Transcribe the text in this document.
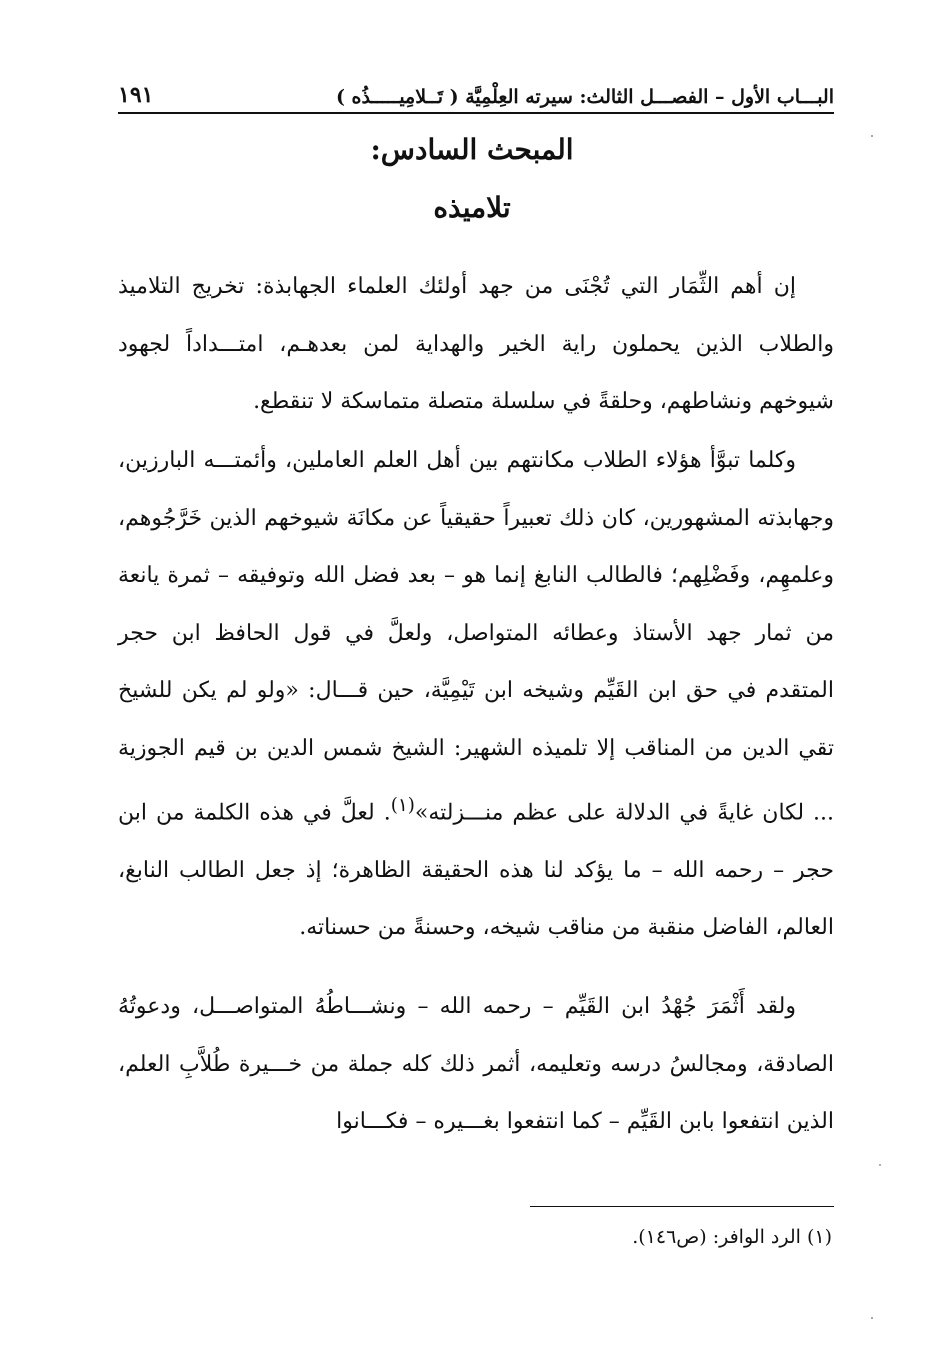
البـــاب الأول – الفصـــل الثالث: سيرته العِلْمِيَّة ( تَــلامِيـــــذُه )
١٩١
المبحث السادس:
تلاميذه

إن أهم الثِّمَار التي تُجْنَى من جهد أولئك العلماء الجهابذة: تخريج التلاميذ والطلاب الذين يحملون راية الخير والهداية لمن بعدهـم، امتـــداداً لجهود شيوخهم ونشاطهم، وحلقةً في سلسلة متصلة متماسكة لا تنقطع.

وكلما تبوَّأ هؤلاء الطلاب مكانتهم بين أهل العلم العاملين، وأئمتـــه البارزين، وجهابذته المشهورين، كان ذلك تعبيراً حقيقياً عن مكانَة شيوخهم الذين خَرَّجُوهم، وعلمهِم، وفَضْلِهم؛ فالطالب النابغ إنما هو – بعد فضل الله وتوفيقه – ثمرة يانعة من ثمار جهد الأستاذ وعطائه المتواصل، ولعلَّ في قول الحافظ ابن حجر المتقدم في حق ابن القَيِّم وشيخه ابن تَيْمِيَّة، حين قـــال: «ولو لم يكن للشيخ تقي الدين من المناقب إلا تلميذه الشهير: الشيخ شمس الدين بن قيم الجوزية ... لكان غايةً في الدلالة على عظم منـــزلته»$^{(١)}$. لعلَّ في هذه الكلمة من ابن حجر – رحمه الله – ما يؤكد لنا هذه الحقيقة الظاهرة؛ إذ جعل الطالب النابغ، العالم، الفاضل منقبة من مناقب شيخه، وحسنةً من حسناته.

ولقد أَثْمَرَ جُهْدُ ابن القَيِّم – رحمه الله – ونشـــاطُهُ المتواصـــل، ودعوتُهُ الصادقة، ومجالسُ درسه وتعليمه، أثمر ذلك كله جملة من خـــيرة طُلاَّبِ العلم، الذين انتفعوا بابن القَيِّم – كما انتفعوا بغـــيره – فكـــانوا

(١) الرد الوافر: (ص١٤٦).
